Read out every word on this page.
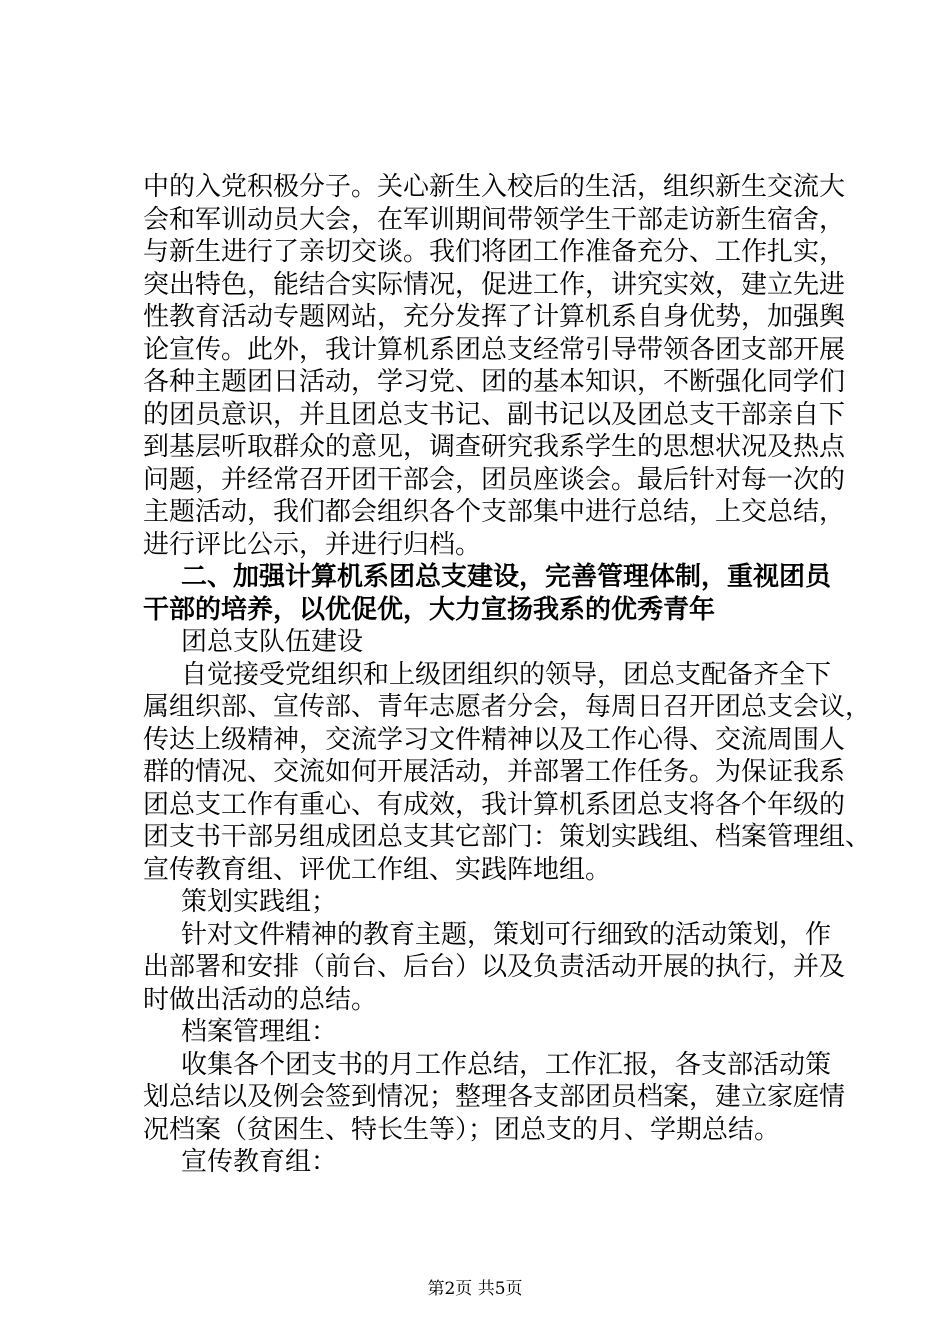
中的入党积极分子。关心新生入校后的生活，组织新生交流大
会和军训动员大会，在军训期间带领学生干部走访新生宿舍，
与新生进行了亲切交谈。我们将团工作准备充分、工作扎实，
突出特色，能结合实际情况，促进工作，讲究实效，建立先进
性教育活动专题网站，充分发挥了计算机系自身优势，加强舆
论宣传。此外，我计算机系团总支经常引导带领各团支部开展
各种主题团日活动，学习党、团的基本知识，不断强化同学们
的团员意识，并且团总支书记、副书记以及团总支干部亲自下
到基层听取群众的意见，调查研究我系学生的思想状况及热点
问题，并经常召开团干部会，团员座谈会。最后针对每一次的
主题活动，我们都会组织各个支部集中进行总结，上交总结，
进行评比公示，并进行归档。
二、加强计算机系团总支建设，完善管理体制，重视团员
干部的培养，以优促优，大力宣扬我系的优秀青年
团总支队伍建设
自觉接受党组织和上级团组织的领导，团总支配备齐全下
属组织部、宣传部、青年志愿者分会，每周日召开团总支会议，
传达上级精神，交流学习文件精神以及工作心得、交流周围人
群的情况、交流如何开展活动，并部署工作任务。为保证我系
团总支工作有重心、有成效，我计算机系团总支将各个年级的
团支书干部另组成团总支其它部门：策划实践组、档案管理组、
宣传教育组、评优工作组、实践阵地组。
策划实践组；
针对文件精神的教育主题，策划可行细致的活动策划，作
出部署和安排（前台、后台）以及负责活动开展的执行，并及
时做出活动的总结。
档案管理组：
收集各个团支书的月工作总结，工作汇报，各支部活动策
划总结以及例会签到情况；整理各支部团员档案，建立家庭情
况档案（贫困生、特长生等）；团总支的月、学期总结。
宣传教育组：
第2页 共5页
